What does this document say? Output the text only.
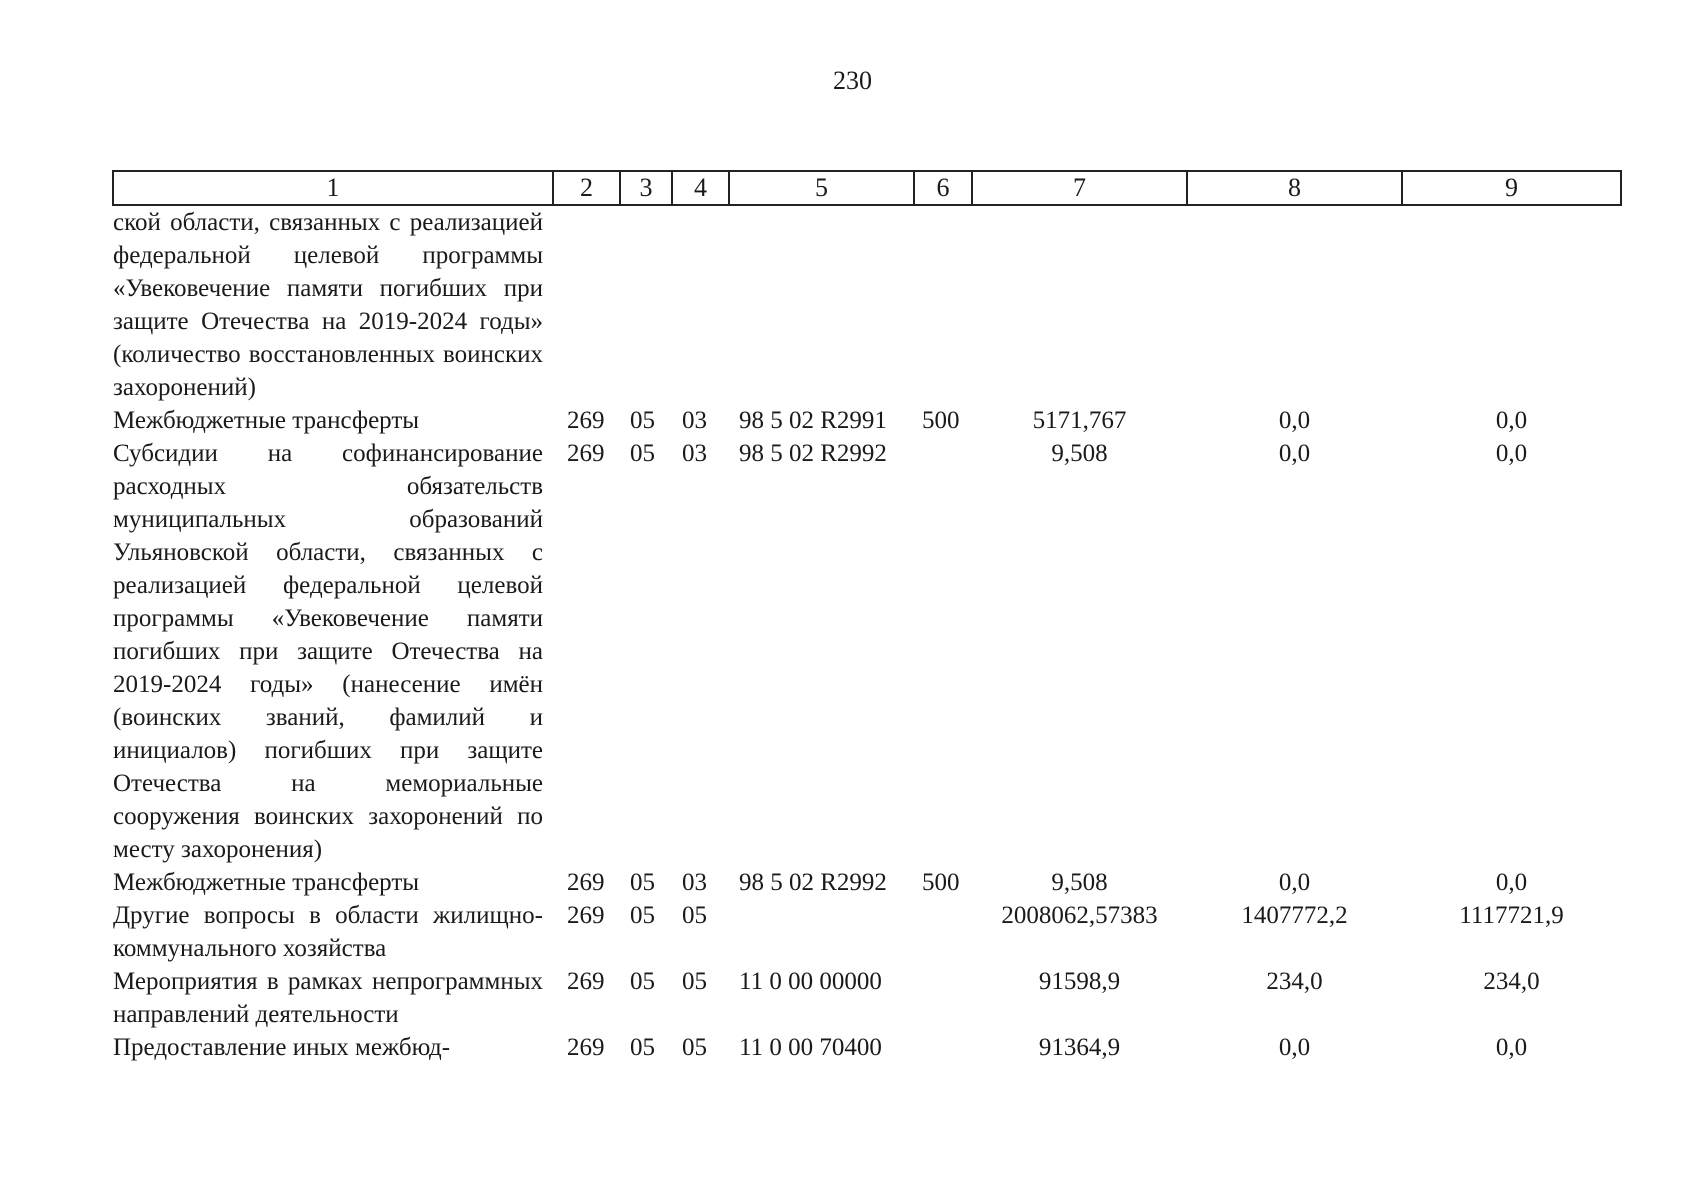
230
1	2	3	4	5	6	7	8	9
ской области, связанных с реализацией федеральной целевой программы «Увековечение памяти погибших при защите Отечества на 2019-2024 годы» (количество восстановленных воинских захоронений)								
Межбюджетные трансферты	269	05	03	98 5 02 R2991	500	5171,767	0,0	0,0
Субсидии на софинансирование расходных обязательств муниципальных образований Ульяновской области, связанных с реализацией федеральной целевой программы «Увековечение памяти погибших при защите Отечества на 2019-2024 годы» (нанесение имён (воинских званий, фамилий и инициалов) погибших при защите Отечества на мемориальные сооружения воинских захоронений по месту захоронения)	269	05	03	98 5 02 R2992		9,508	0,0	0,0
Межбюджетные трансферты	269	05	03	98 5 02 R2992	500	9,508	0,0	0,0
Другие вопросы в области жилищно-коммунального хозяйства	269	05	05			2008062,57383	1407772,2	1117721,9
Мероприятия в рамках непрограммных направлений деятельности	269	05	05	11 0 00 00000		91598,9	234,0	234,0
Предоставление иных межбюд-	269	05	05	11 0 00 70400		91364,9	0,0	0,0
